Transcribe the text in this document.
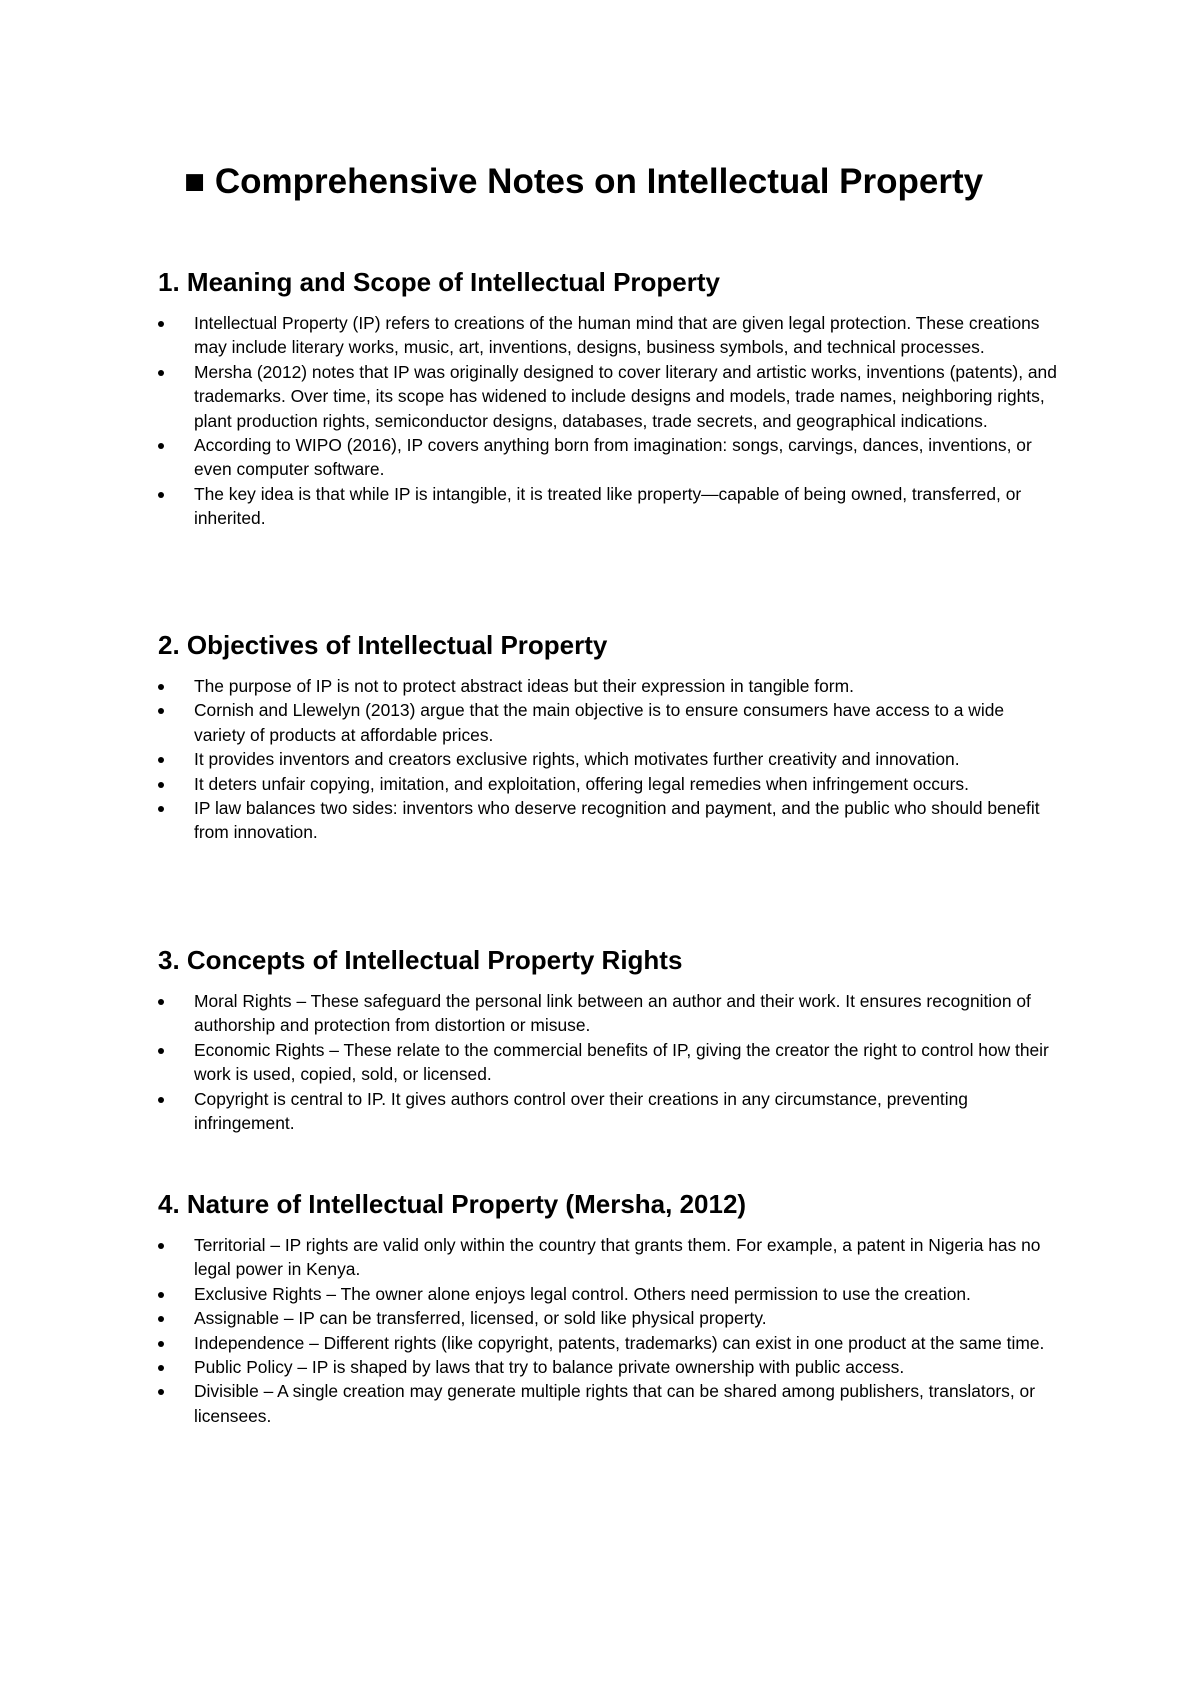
■ Comprehensive Notes on Intellectual Property
1. Meaning and Scope of Intellectual Property
Intellectual Property (IP) refers to creations of the human mind that are given legal protection. These creations may include literary works, music, art, inventions, designs, business symbols, and technical processes.
Mersha (2012) notes that IP was originally designed to cover literary and artistic works, inventions (patents), and trademarks. Over time, its scope has widened to include designs and models, trade names, neighboring rights, plant production rights, semiconductor designs, databases, trade secrets, and geographical indications.
According to WIPO (2016), IP covers anything born from imagination: songs, carvings, dances, inventions, or even computer software.
The key idea is that while IP is intangible, it is treated like property—capable of being owned, transferred, or inherited.
2. Objectives of Intellectual Property
The purpose of IP is not to protect abstract ideas but their expression in tangible form.
Cornish and Llewelyn (2013) argue that the main objective is to ensure consumers have access to a wide variety of products at affordable prices.
It provides inventors and creators exclusive rights, which motivates further creativity and innovation.
It deters unfair copying, imitation, and exploitation, offering legal remedies when infringement occurs.
IP law balances two sides: inventors who deserve recognition and payment, and the public who should benefit from innovation.
3. Concepts of Intellectual Property Rights
Moral Rights – These safeguard the personal link between an author and their work. It ensures recognition of authorship and protection from distortion or misuse.
Economic Rights – These relate to the commercial benefits of IP, giving the creator the right to control how their work is used, copied, sold, or licensed.
Copyright is central to IP. It gives authors control over their creations in any circumstance, preventing infringement.
4. Nature of Intellectual Property (Mersha, 2012)
Territorial – IP rights are valid only within the country that grants them. For example, a patent in Nigeria has no legal power in Kenya.
Exclusive Rights – The owner alone enjoys legal control. Others need permission to use the creation.
Assignable – IP can be transferred, licensed, or sold like physical property.
Independence – Different rights (like copyright, patents, trademarks) can exist in one product at the same time.
Public Policy – IP is shaped by laws that try to balance private ownership with public access.
Divisible – A single creation may generate multiple rights that can be shared among publishers, translators, or licensees.
